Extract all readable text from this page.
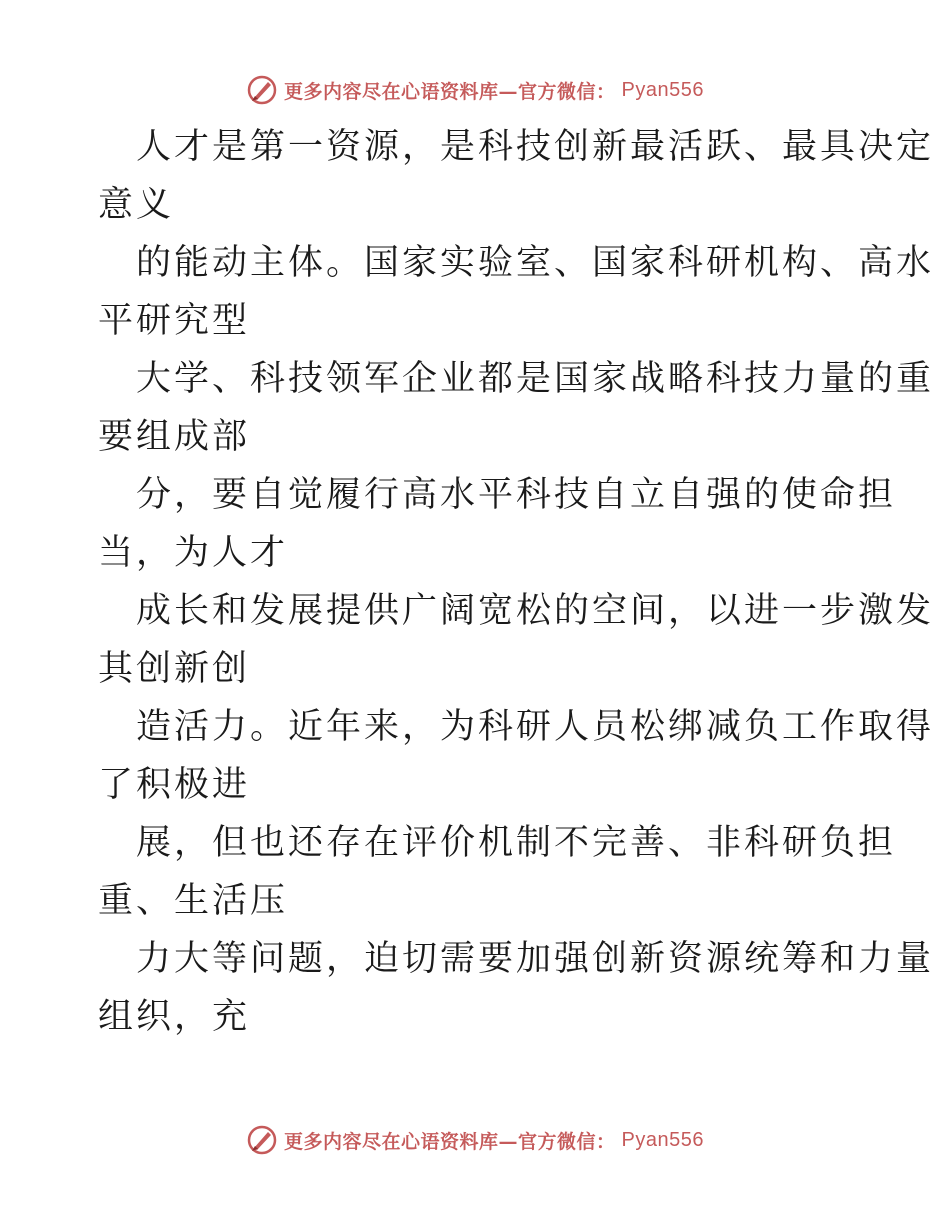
更多内容尽在心语资料库—官方微信： Pyan556
人才是第一资源，是科技创新最活跃、最具决定
意义
的能动主体。国家实验室、国家科研机构、高水
平研究型
大学、科技领军企业都是国家战略科技力量的重
要组成部
分，要自觉履行高水平科技自立自强的使命担
当，为人才
成长和发展提供广阔宽松的空间，以进一步激发
其创新创
造活力。近年来，为科研人员松绑减负工作取得
了积极进
展，但也还存在评价机制不完善、非科研负担
重、生活压
力大等问题，迫切需要加强创新资源统筹和力量
组织，充
更多内容尽在心语资料库—官方微信： Pyan556
